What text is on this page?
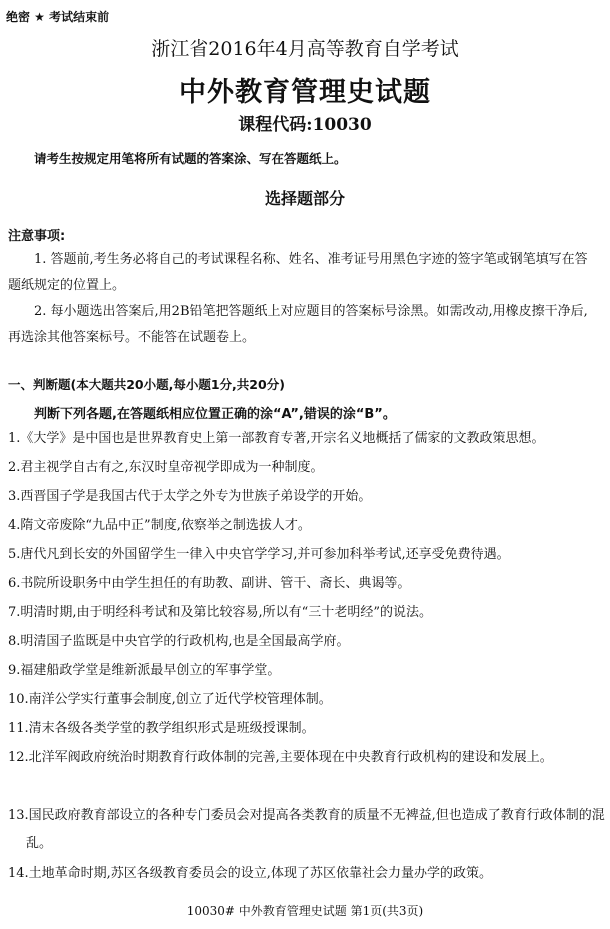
绝密 ★ 考试结束前
浙江省2016年4月高等教育自学考试
中外教育管理史试题
课程代码:10030
请考生按规定用笔将所有试题的答案涂、写在答题纸上。
选择题部分
注意事项:
1. 答题前,考生务必将自己的考试课程名称、姓名、准考证号用黑色字迹的签字笔或钢笔填写在答题纸规定的位置上。
2. 每小题选出答案后,用2B铅笔把答题纸上对应题目的答案标号涂黑。如需改动,用橡皮擦干净后,再选涂其他答案标号。不能答在试题卷上。
一、判断题(本大题共20小题,每小题1分,共20分)
判断下列各题,在答题纸相应位置正确的涂“A”,错误的涂“B”。
1.《大学》是中国也是世界教育史上第一部教育专著,开宗名义地概括了儒家的文教政策思想。
2.君主视学自古有之,东汉时皇帝视学即成为一种制度。
3.西晋国子学是我国古代于太学之外专为世族子弟设学的开始。
4.隋文帝废除“九品中正”制度,依察举之制选拔人才。
5.唐代凡到长安的外国留学生一律入中央官学学习,并可参加科举考试,还享受免费待遇。
6.书院所设职务中由学生担任的有助教、副讲、管干、斋长、典谒等。
7.明清时期,由于明经科考试和及第比较容易,所以有“三十老明经”的说法。
8.明清国子监既是中央官学的行政机构,也是全国最高学府。
9.福建船政学堂是维新派最早创立的军事学堂。
10.南洋公学实行董事会制度,创立了近代学校管理体制。
11.清末各级各类学堂的教学组织形式是班级授课制。
12.北洋军阀政府统治时期教育行政体制的完善,主要体现在中央教育行政机构的建设和发展上。
13.国民政府教育部设立的各种专门委员会对提高各类教育的质量不无裨益,但也造成了教育行政体制的混乱。
14.土地革命时期,苏区各级教育委员会的设立,体现了苏区依靠社会力量办学的政策。
10030# 中外教育管理史试题 第1页(共3页)
